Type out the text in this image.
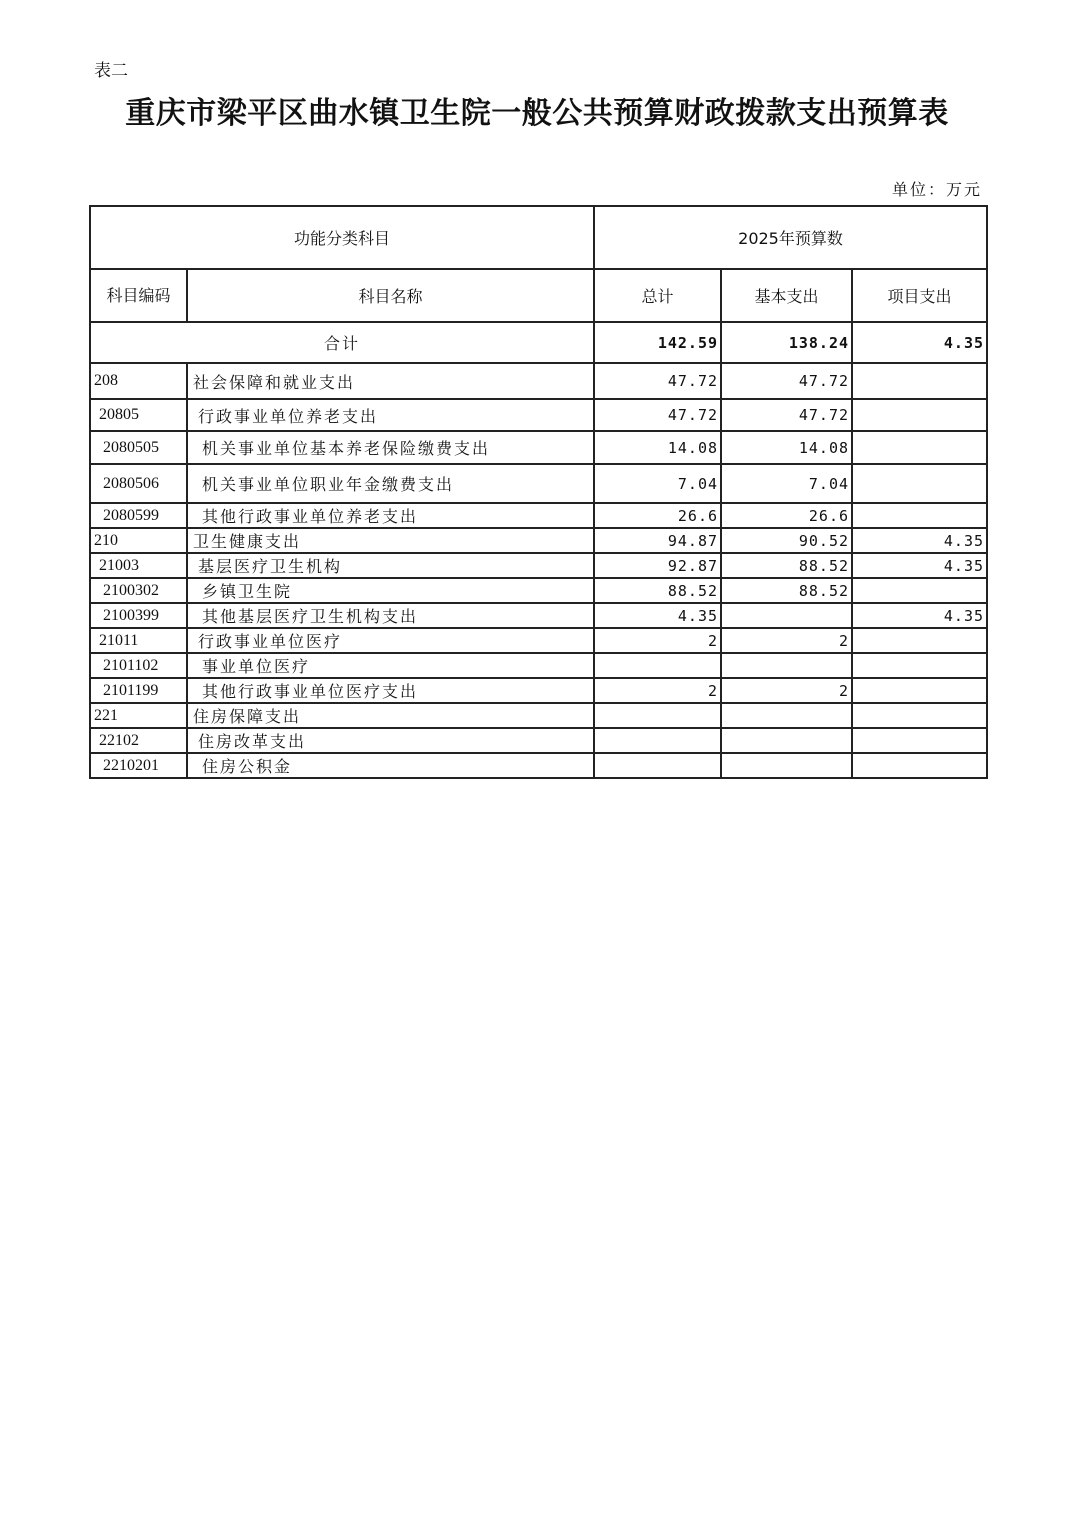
表二
重庆市梁平区曲水镇卫生院一般公共预算财政拨款支出预算表
单位：万元
功能分类科目		2025年预算数		
科目编码	科目名称	总计	基本支出	项目支出
合计		142.59	138.24	4.35
208	社会保障和就业支出	47.72	47.72	
20805	行政事业单位养老支出	47.72	47.72	
2080505	机关事业单位基本养老保险缴费支出	14.08	14.08	
2080506	机关事业单位职业年金缴费支出	7.04	7.04	
2080599	其他行政事业单位养老支出	26.6	26.6	
210	卫生健康支出	94.87	90.52	4.35
21003	基层医疗卫生机构	92.87	88.52	4.35
2100302	乡镇卫生院	88.52	88.52	
2100399	其他基层医疗卫生机构支出	4.35		4.35
21011	行政事业单位医疗	2	2	
2101102	事业单位医疗			
2101199	其他行政事业单位医疗支出	2	2	
221	住房保障支出			
22102	住房改革支出			
2210201	住房公积金			
